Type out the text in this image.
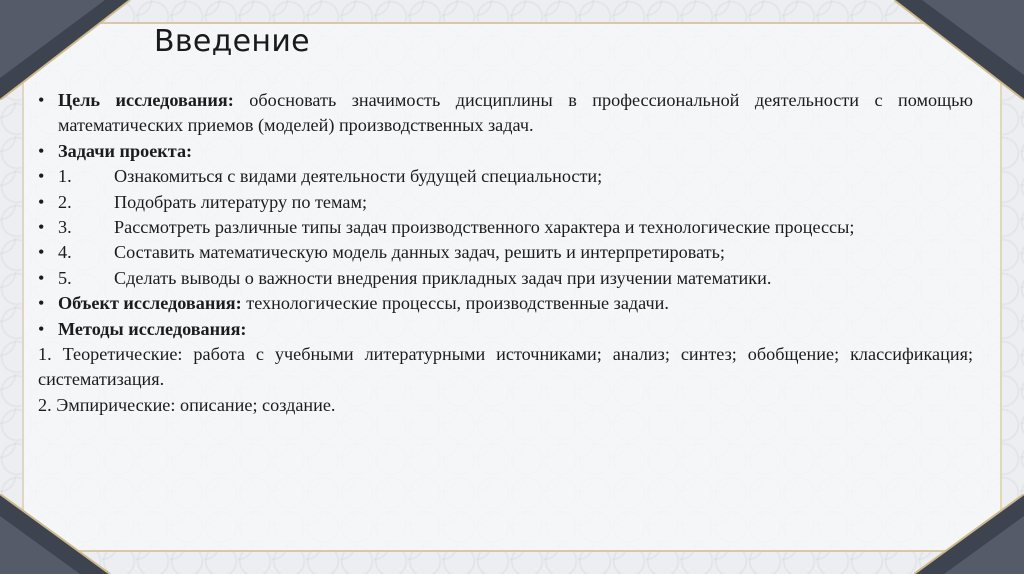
Введение
• Цель исследования: обосновать значимость дисциплины в профессиональной деятельности с помощью математических приемов (моделей) производственных задач.
• Задачи проекта:
• 1. Ознакомиться с видами деятельности будущей специальности;
• 2. Подобрать литературу по темам;
• 3. Рассмотреть различные типы задач производственного характера и технологические процессы;
• 4. Составить математическую модель данных задач, решить и интерпретировать;
• 5. Сделать выводы о важности внедрения прикладных задач при изучении математики.
• Объект исследования: технологические процессы, производственные задачи.
• Методы исследования:
1. Теоретические: работа с учебными литературными источниками; анализ; синтез; обобщение; классификация; систематизация.
2. Эмпирические: описание; создание.
